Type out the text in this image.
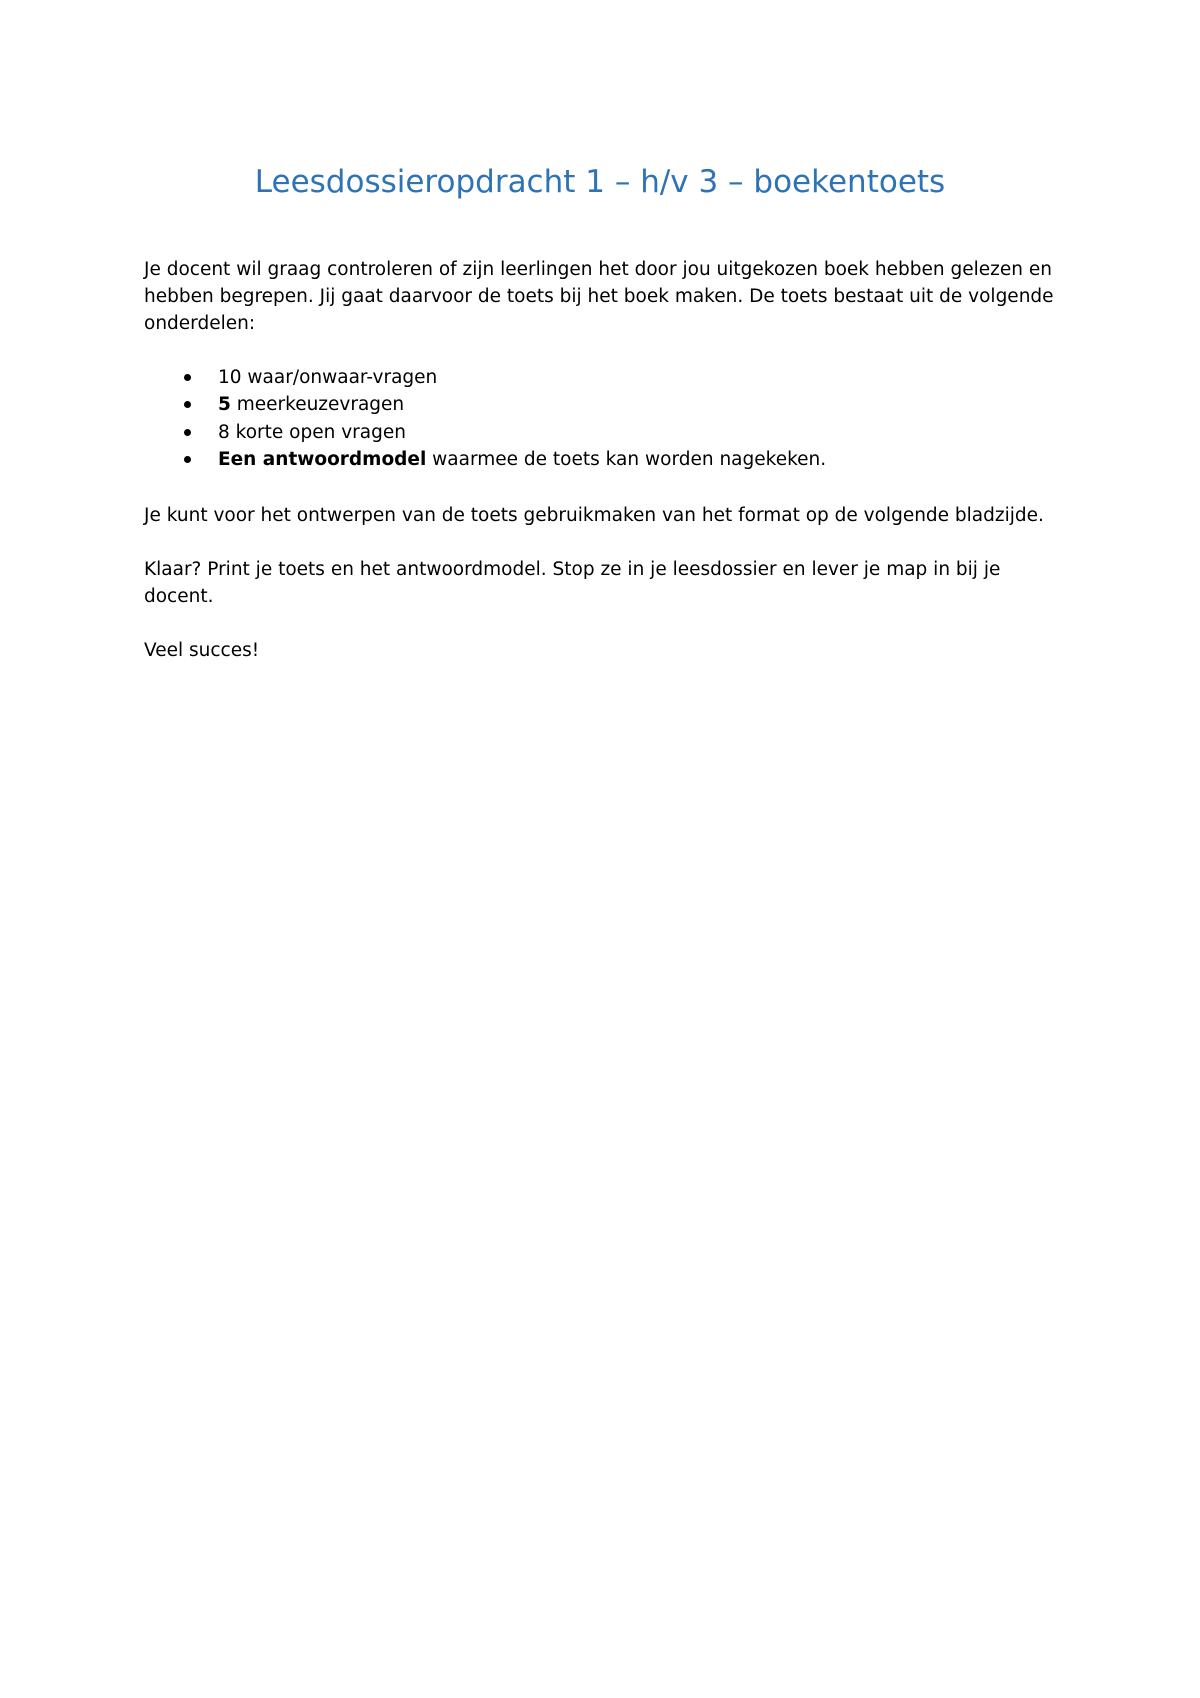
Leesdossieropdracht 1 – h/v 3 – boekentoets

Je docent wil graag controleren of zijn leerlingen het door jou uitgekozen boek hebben gelezen en hebben begrepen. Jij gaat daarvoor de toets bij het boek maken. De toets bestaat uit de volgende onderdelen:

10 waar/onwaar-vragen
5 meerkeuzevragen
8 korte open vragen
Een antwoordmodel waarmee de toets kan worden nagekeken.

Je kunt voor het ontwerpen van de toets gebruikmaken van het format op de volgende bladzijde.

Klaar? Print je toets en het antwoordmodel. Stop ze in je leesdossier en lever je map in bij je docent.

Veel succes!
